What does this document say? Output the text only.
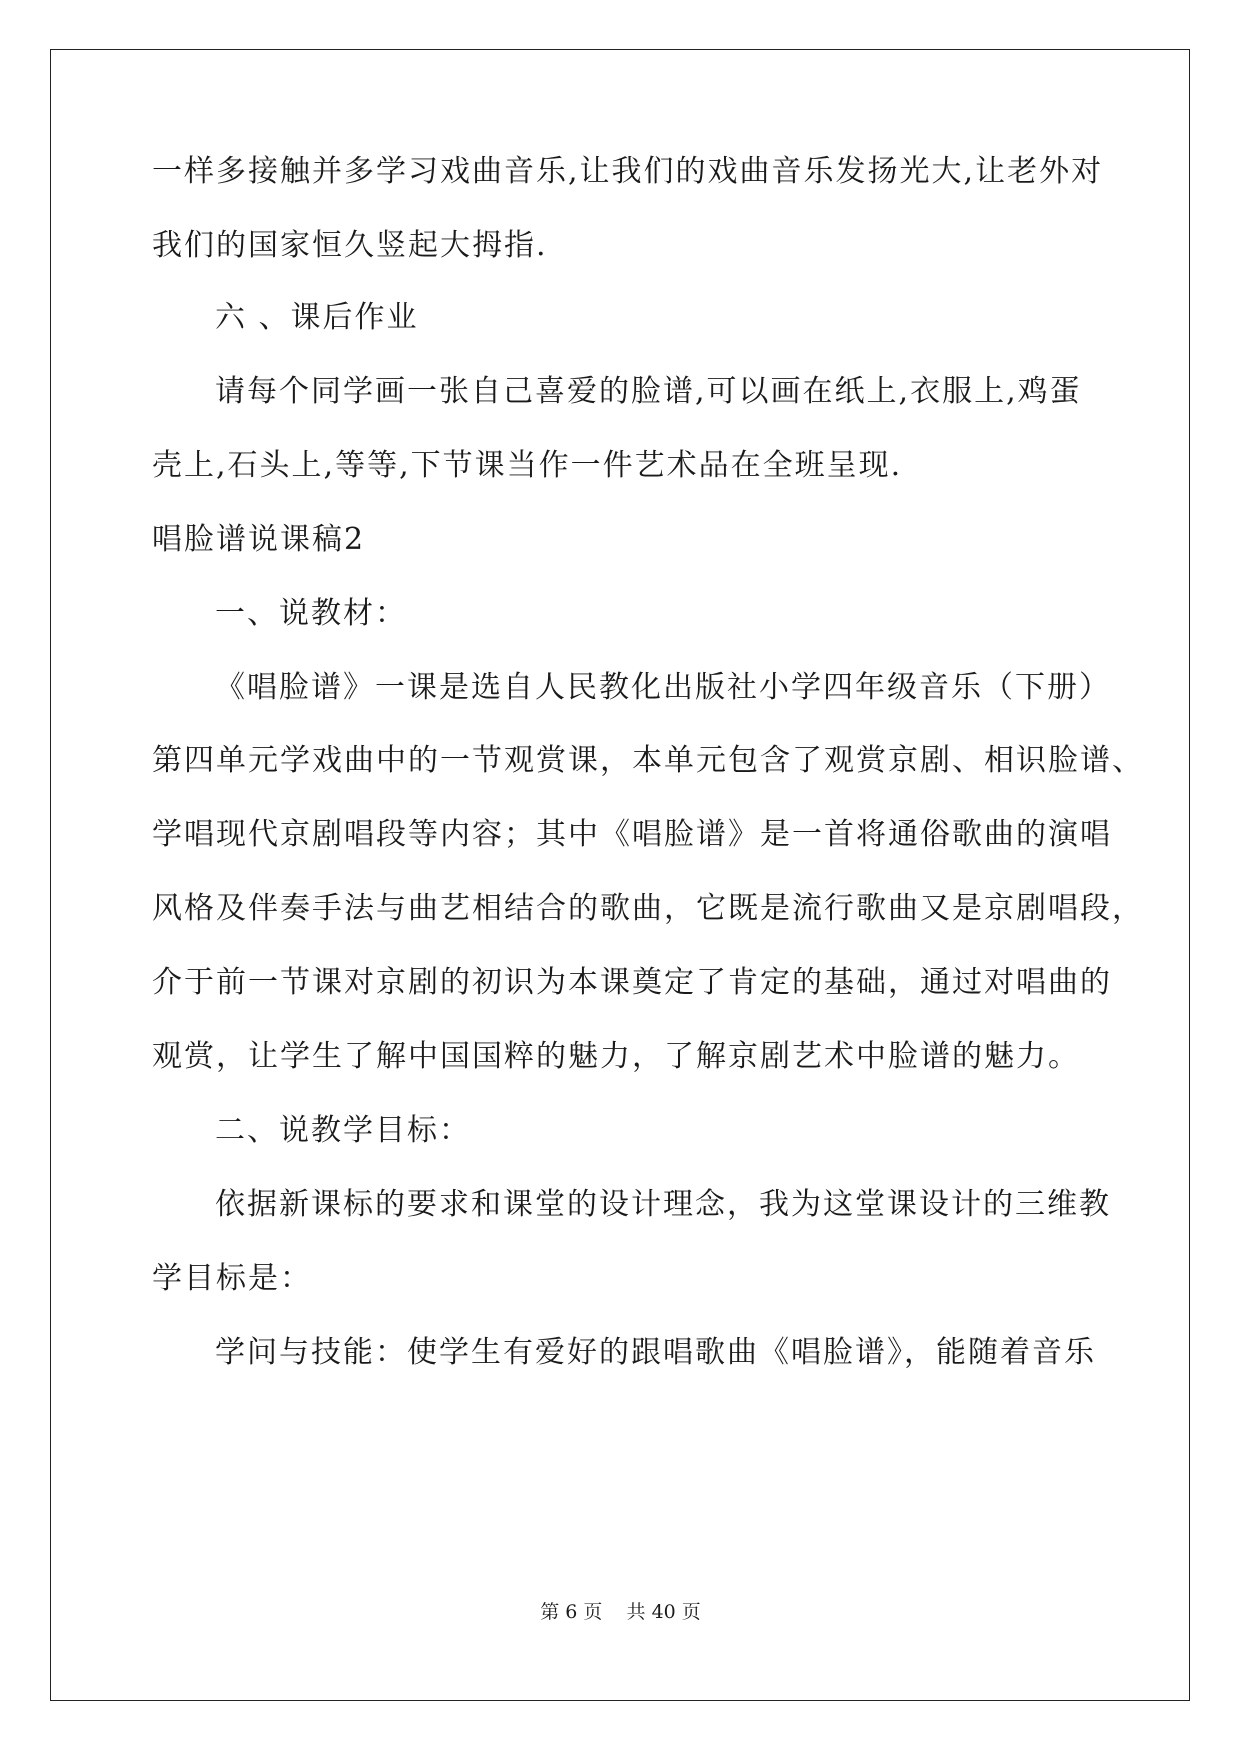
一样多接触并多学习戏曲音乐,让我们的戏曲音乐发扬光大,让老外对
我们的国家恒久竖起大拇指.
六 、课后作业
请每个同学画一张自己喜爱的脸谱,可以画在纸上,衣服上,鸡蛋
壳上,石头上,等等,下节课当作一件艺术品在全班呈现.
唱脸谱说课稿2
一、说教材：
《唱脸谱》一课是选自人民教化出版社小学四年级音乐（下册）
第四单元学戏曲中的一节观赏课，本单元包含了观赏京剧、相识脸谱、
学唱现代京剧唱段等内容；其中《唱脸谱》是一首将通俗歌曲的演唱
风格及伴奏手法与曲艺相结合的歌曲，它既是流行歌曲又是京剧唱段，
介于前一节课对京剧的初识为本课奠定了肯定的基础，通过对唱曲的
观赏，让学生了解中国国粹的魅力，了解京剧艺术中脸谱的魅力。
二、说教学目标：
依据新课标的要求和课堂的设计理念，我为这堂课设计的三维教
学目标是：
学问与技能：使学生有爱好的跟唱歌曲《唱脸谱》，能随着音乐
第 6 页    共 40 页
